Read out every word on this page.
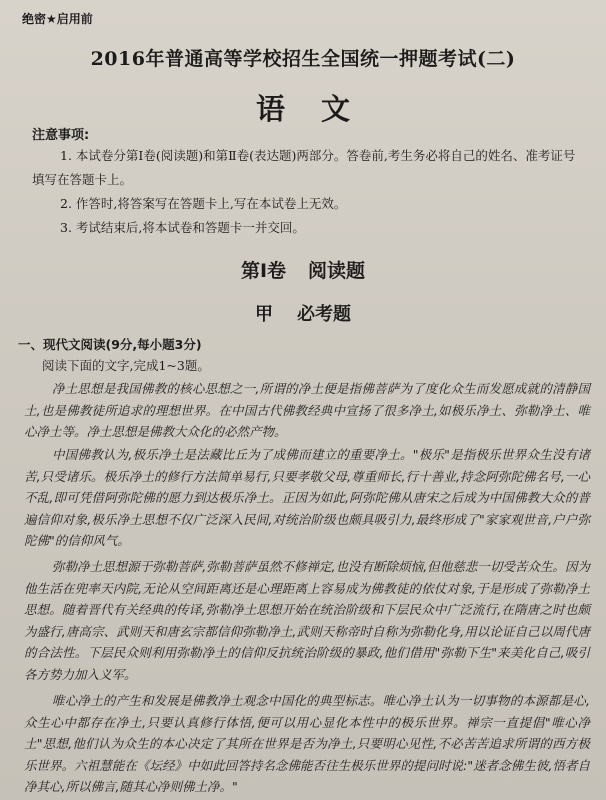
绝密★启用前
2016年普通高等学校招生全国统一押题考试(二)
语文
注意事项:
1. 本试卷分第Ⅰ卷(阅读题)和第Ⅱ卷(表达题)两部分。答卷前,考生务必将自己的姓名、准考证号填写在答题卡上。
2. 作答时,将答案写在答题卡上,写在本试卷上无效。
3. 考试结束后,将本试卷和答题卡一并交回。
第Ⅰ卷 阅读题
甲 必考题
一、现代文阅读(9分,每小题3分)
阅读下面的文字,完成1~3题。
净土思想是我国佛教的核心思想之一,所谓的净土便是指佛菩萨为了度化众生而发愿成就的清静国土,也是佛教徒所追求的理想世界。在中国古代佛教经典中宣扬了很多净土,如极乐净土、弥勒净土、唯心净土等。净土思想是佛教大众化的必然产物。
中国佛教认为,极乐净土是法藏比丘为了成佛而建立的重要净土。"极乐"是指极乐世界众生没有诸苦,只受诸乐。极乐净土的修行方法简单易行,只要孝敬父母,尊重师长,行十善业,持念阿弥陀佛名号,一心不乱,即可凭借阿弥陀佛的愿力到达极乐净土。正因为如此,阿弥陀佛从唐宋之后成为中国佛教大众的普遍信仰对象,极乐净土思想不仅广泛深入民间,对统治阶级也颇具吸引力,最终形成了"家家观世音,户户弥陀佛"的信仰风气。
弥勒净土思想源于弥勒菩萨,弥勒菩萨虽然不修禅定,也没有断除烦恼,但他慈悲一切受苦众生。因为他生活在兜率天内院,无论从空间距离还是心理距离上容易成为佛教徒的依仗对象,于是形成了弥勒净土思想。随着晋代有关经典的传译,弥勒净土思想开始在统治阶级和下层民众中广泛流行,在隋唐之时也颇为盛行,唐高宗、武则天和唐玄宗都信仰弥勒净土,武则天称帝时自称为弥勒化身,用以论证自己以周代唐的合法性。下层民众则利用弥勒净土的信仰反抗统治阶级的暴政,他们借用"弥勒下生"来美化自己,吸引各方势力加入义军。
唯心净土的产生和发展是佛教净土观念中国化的典型标志。唯心净土认为一切事物的本源都是心,众生心中都存在净土,只要认真修行体悟,便可以用心显化本性中的极乐世界。禅宗一直提倡"唯心净土"思想,他们认为众生的本心决定了其所在世界是否为净土,只要明心见性,不必苦苦追求所谓的西方极乐世界。六祖慧能在《坛经》中如此回答持名念佛能否往生极乐世界的提问时说:"迷者念佛生彼,悟者自净其心,所以佛言,随其心净则佛土净。"
